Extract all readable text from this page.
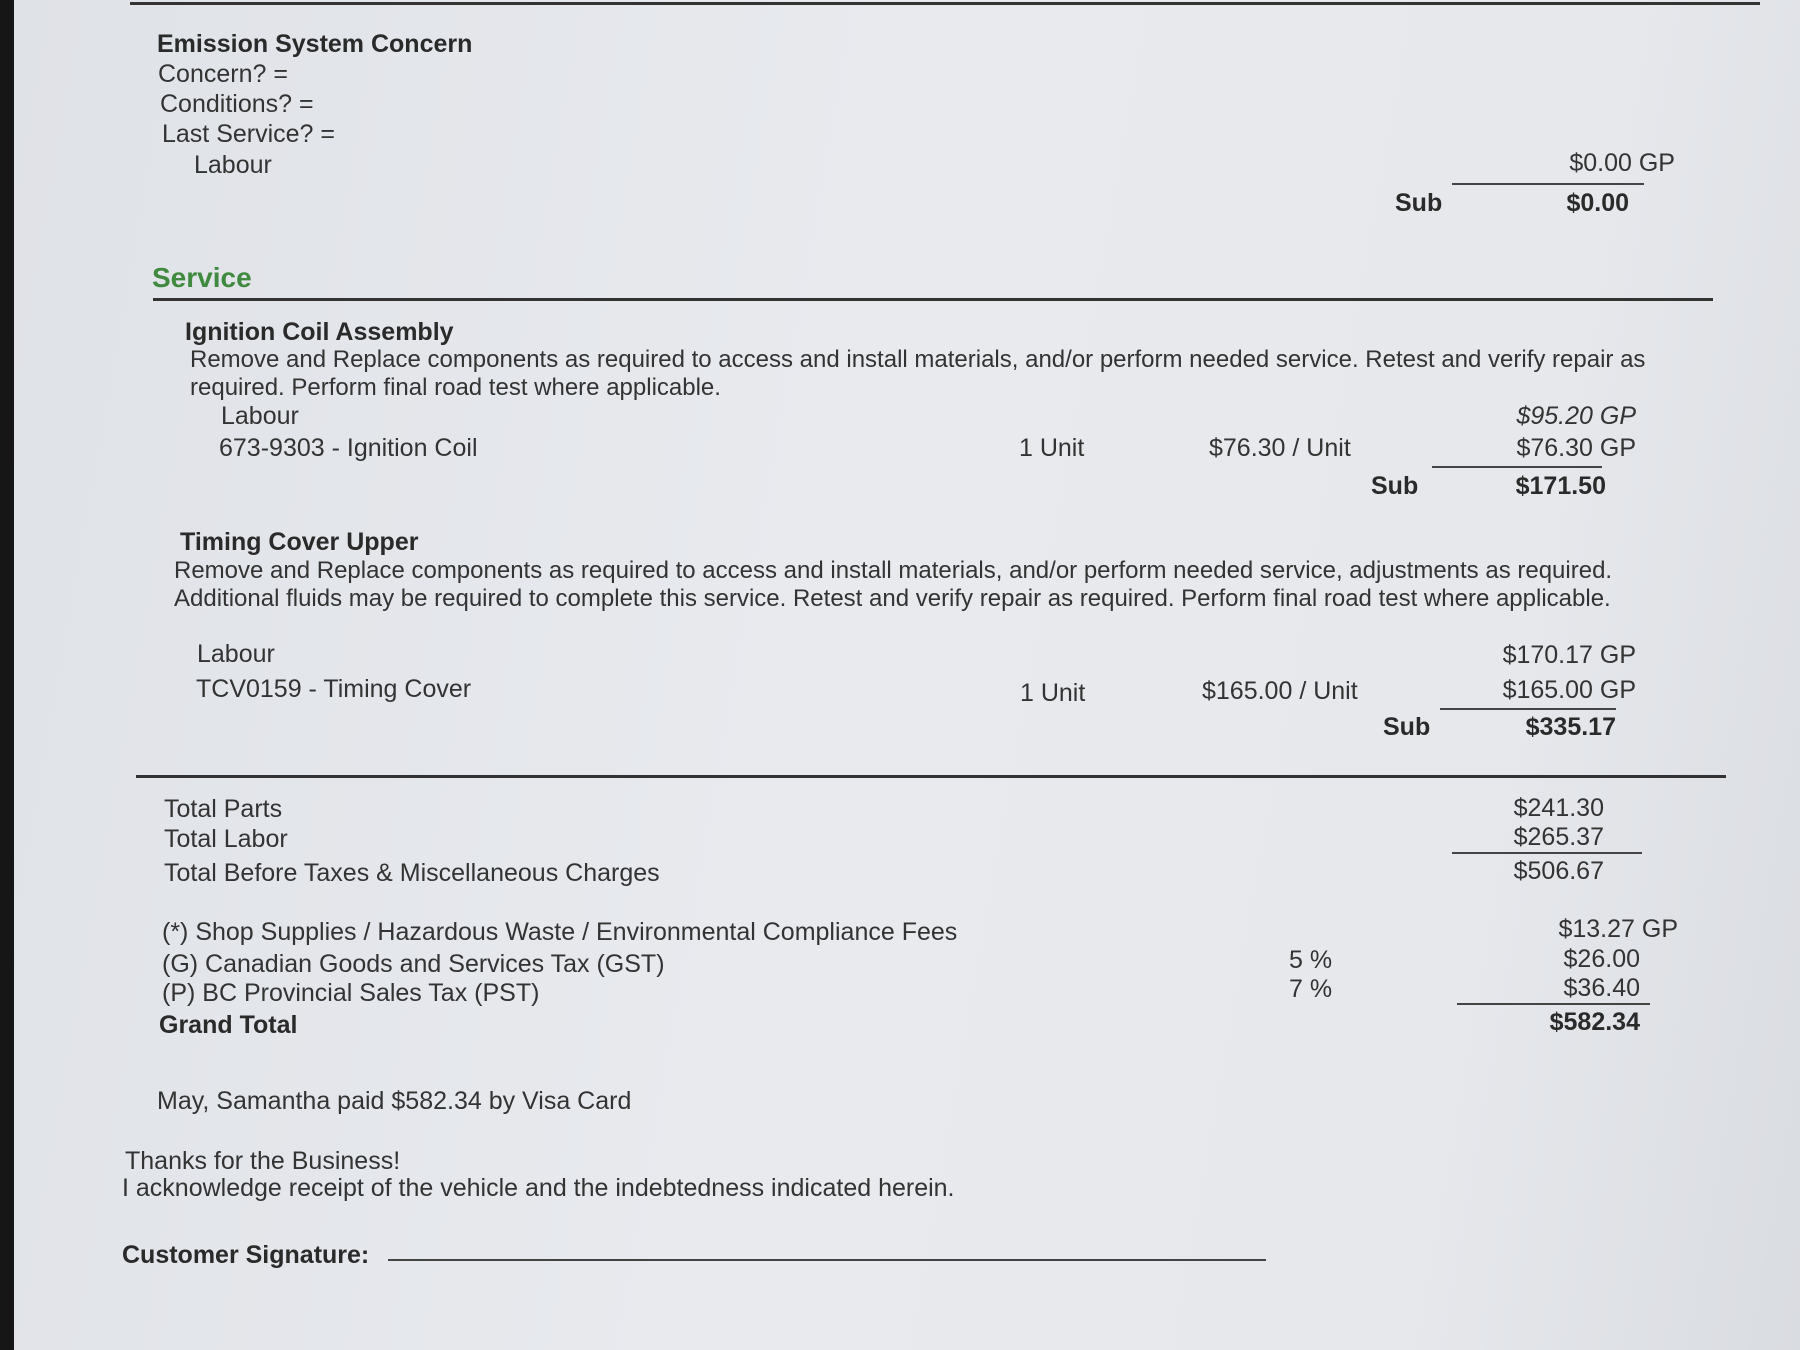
Emission System Concern
Concern? =
Conditions? =
Last Service? =
Labour	$0.00 GP
Sub	$0.00
Service
Ignition Coil Assembly
Remove and Replace components as required to access and install materials, and/or perform needed service. Retest and verify repair as required. Perform final road test where applicable.
Labour	$95.20 GP
673-9303 - Ignition Coil	1 Unit	$76.30 / Unit	$76.30 GP
Sub	$171.50
Timing Cover Upper
Remove and Replace components as required to access and install materials, and/or perform needed service, adjustments as required. Additional fluids may be required to complete this service. Retest and verify repair as required. Perform final road test where applicable.
Labour	$170.17 GP
TCV0159 - Timing Cover	1 Unit	$165.00 / Unit	$165.00 GP
Sub	$335.17
Total Parts	$241.30
Total Labor	$265.37
Total Before Taxes & Miscellaneous Charges	$506.67
(*) Shop Supplies / Hazardous Waste / Environmental Compliance Fees	$13.27 GP
(G) Canadian Goods and Services Tax (GST)	5 %	$26.00
(P) BC Provincial Sales Tax (PST)	7 %	$36.40
Grand Total	$582.34
May, Samantha paid $582.34 by Visa Card
Thanks for the Business!
I acknowledge receipt of the vehicle and the indebtedness indicated herein.
Customer Signature:
